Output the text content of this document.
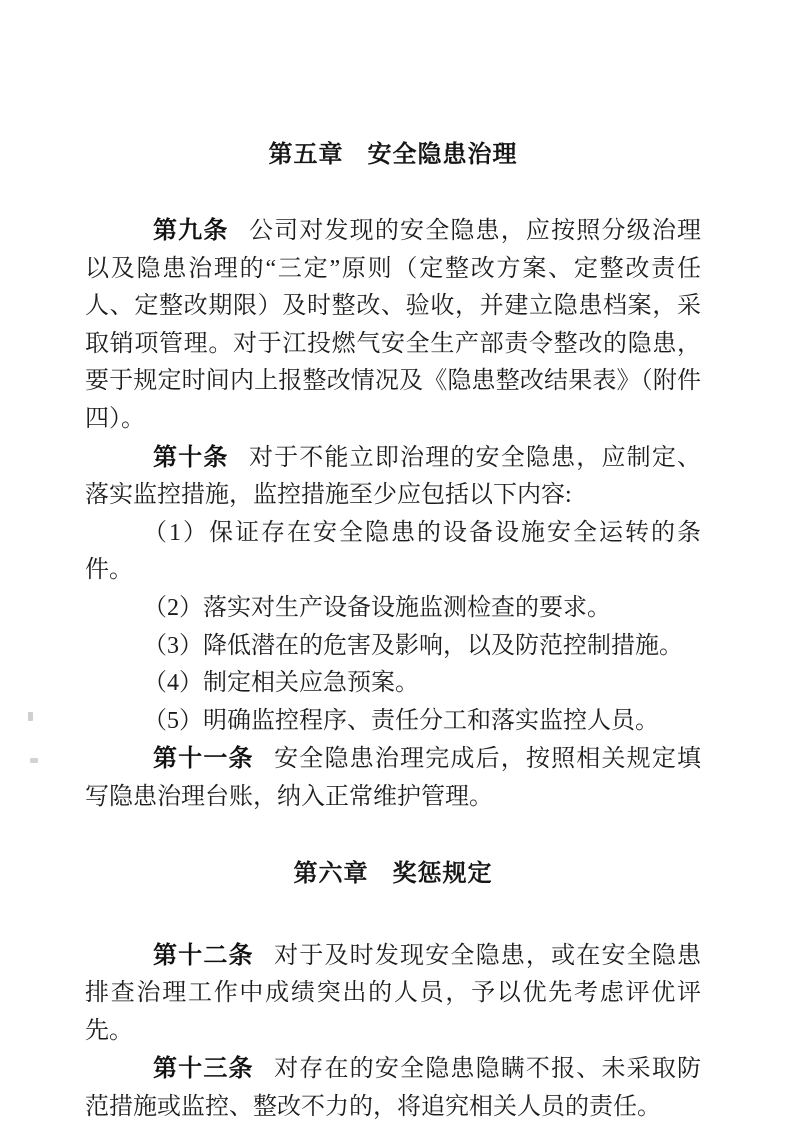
第五章 安全隐患治理

第九条 公司对发现的安全隐患，应按照分级治理以及隐患治理的“三定”原则（定整改方案、定整改责任人、定整改期限）及时整改、验收，并建立隐患档案，采取销项管理。对于江投燃气安全生产部责令整改的隐患，要于规定时间内上报整改情况及《隐患整改结果表》（附件四）。

第十条 对于不能立即治理的安全隐患，应制定、落实监控措施，监控措施至少应包括以下内容:

（1）保证存在安全隐患的设备设施安全运转的条件。

（2）落实对生产设备设施监测检查的要求。

（3）降低潜在的危害及影响，以及防范控制措施。

（4）制定相关应急预案。

（5）明确监控程序、责任分工和落实监控人员。

第十一条 安全隐患治理完成后，按照相关规定填写隐患治理台账，纳入正常维护管理。

第六章 奖惩规定

第十二条 对于及时发现安全隐患，或在安全隐患排查治理工作中成绩突出的人员，予以优先考虑评优评先。

第十三条 对存在的安全隐患隐瞒不报、未采取防范措施或监控、整改不力的，将追究相关人员的责任。
